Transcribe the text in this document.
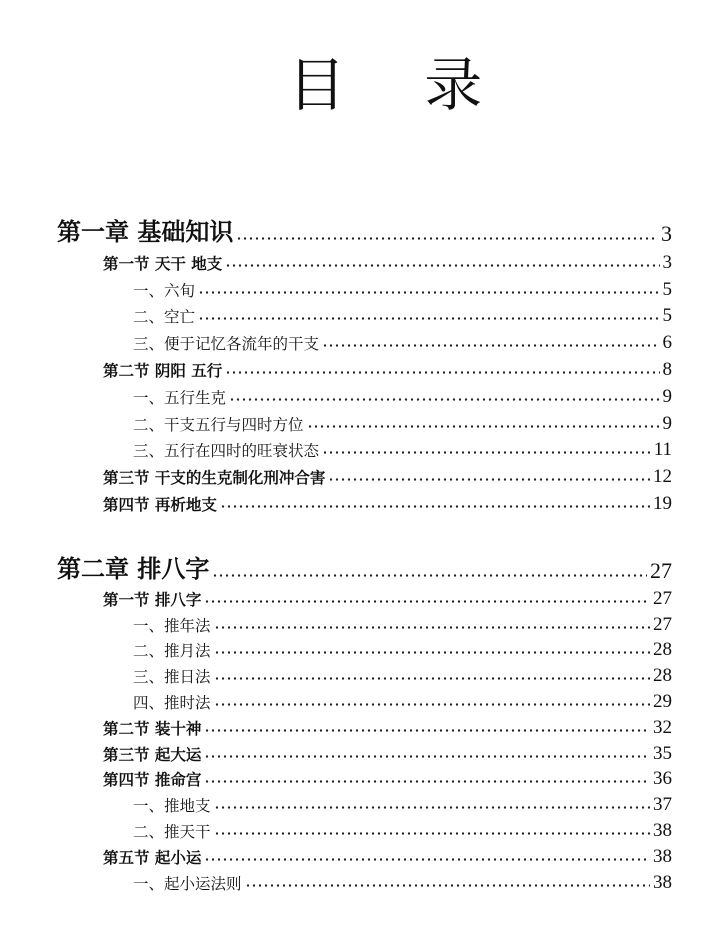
目 录
第一章 基础知识	3
第一节 天干 地支	3
一、六旬	5
二、空亡	5
三、便于记忆各流年的干支	6
第二节 阴阳 五行	8
一、五行生克	9
二、干支五行与四时方位	9
三、五行在四时的旺衰状态	11
第三节 干支的生克制化刑冲合害	12
第四节 再析地支	19
第二章 排八字	27
第一节 排八字	27
一、推年法	27
二、推月法	28
三、推日法	28
四、推时法	29
第二节 装十神	32
第三节 起大运	35
第四节 推命宫	36
一、推地支	37
二、推天干	38
第五节 起小运	38
一、起小运法则	38
